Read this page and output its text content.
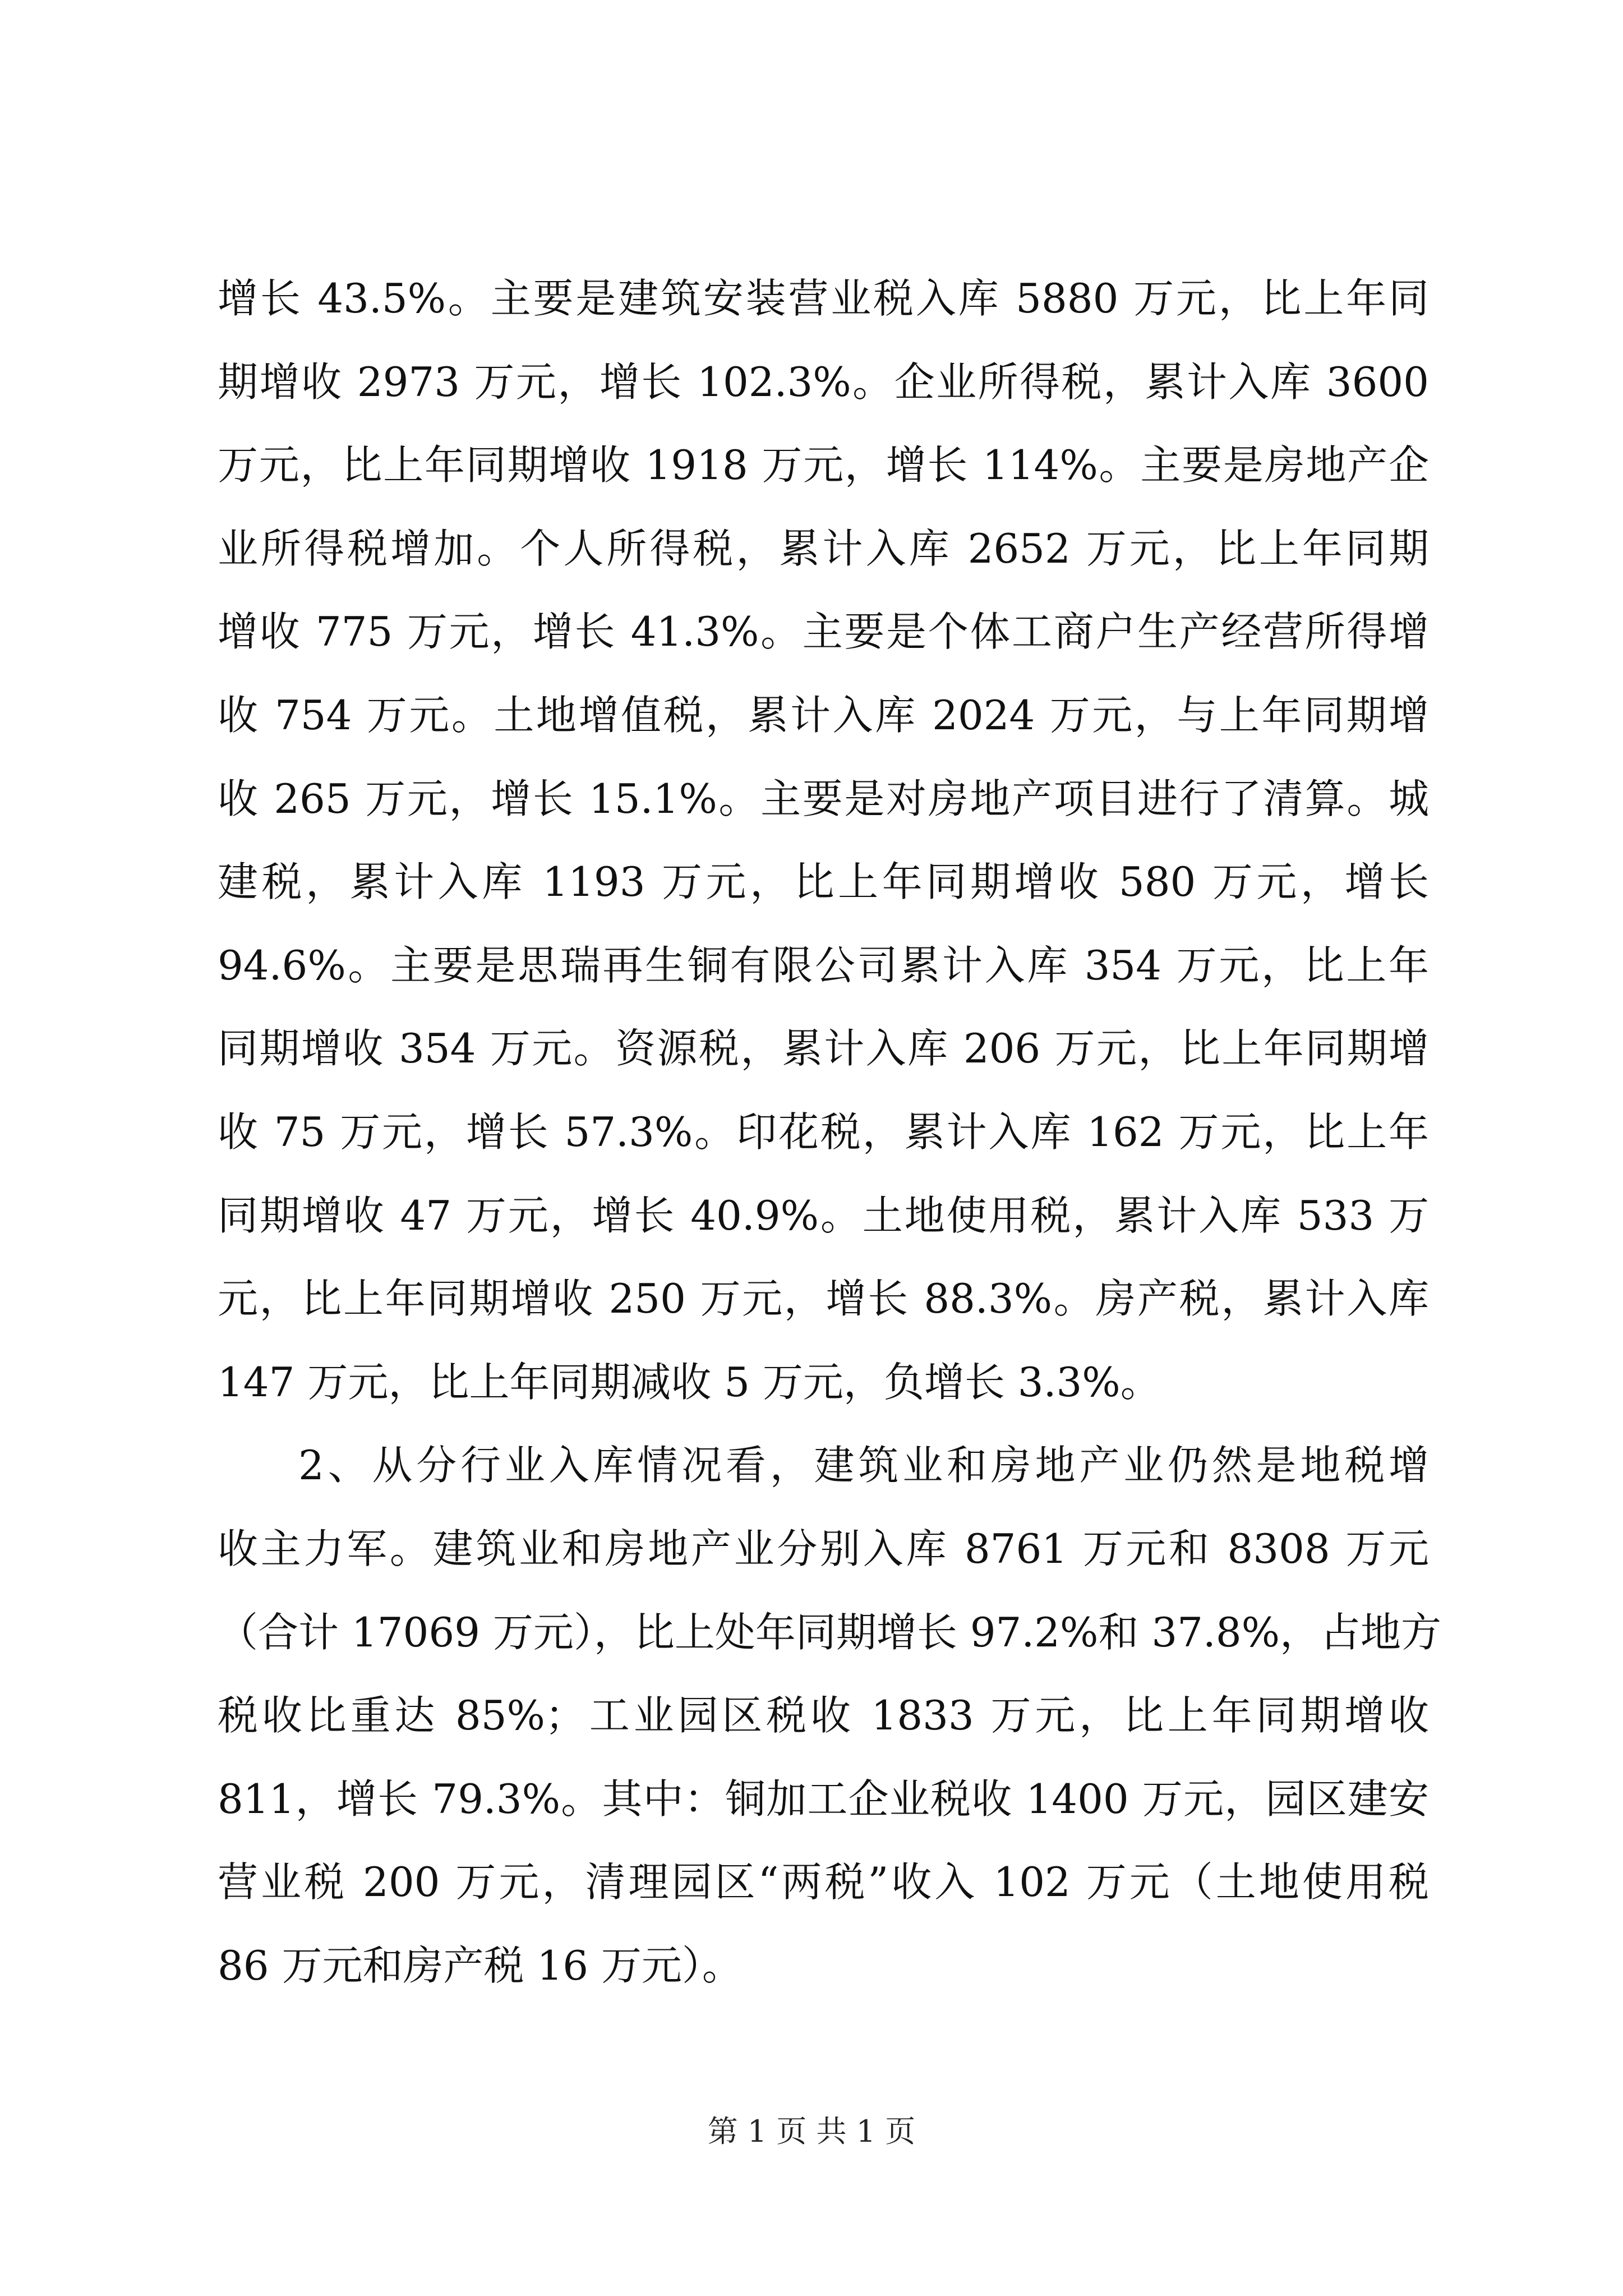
增长 43.5%。主要是建筑安装营业税入库 5880 万元，比上年同
期增收 2973 万元，增长 102.3%。企业所得税，累计入库 3600
万元，比上年同期增收 1918 万元，增长 114%。主要是房地产企
业所得税增加。个人所得税，累计入库 2652 万元，比上年同期
增收 775 万元，增长 41.3%。主要是个体工商户生产经营所得增
收 754 万元。土地增值税，累计入库 2024 万元，与上年同期增
收 265 万元，增长 15.1%。主要是对房地产项目进行了清算。城
建税，累计入库 1193 万元，比上年同期增收 580 万元，增长
94.6%。主要是思瑞再生铜有限公司累计入库 354 万元，比上年
同期增收 354 万元。资源税，累计入库 206 万元，比上年同期增
收 75 万元，增长 57.3%。印花税，累计入库 162 万元，比上年
同期增收 47 万元，增长 40.9%。土地使用税，累计入库 533 万
元，比上年同期增收 250 万元，增长 88.3%。房产税，累计入库
147 万元，比上年同期减收 5 万元，负增长 3.3%。
2、从分行业入库情况看，建筑业和房地产业仍然是地税增
收主力军。建筑业和房地产业分别入库 8761 万元和 8308 万元
（合计 17069 万元），比上处年同期增长 97.2%和 37.8%，占地方
税收比重达 85%；工业园区税收 1833 万元，比上年同期增收
811，增长 79.3%。其中：铜加工企业税收 1400 万元，园区建安
营业税 200 万元，清理园区“两税”收入 102 万元（土地使用税
86 万元和房产税 16 万元）。
第 1 页 共 1 页
